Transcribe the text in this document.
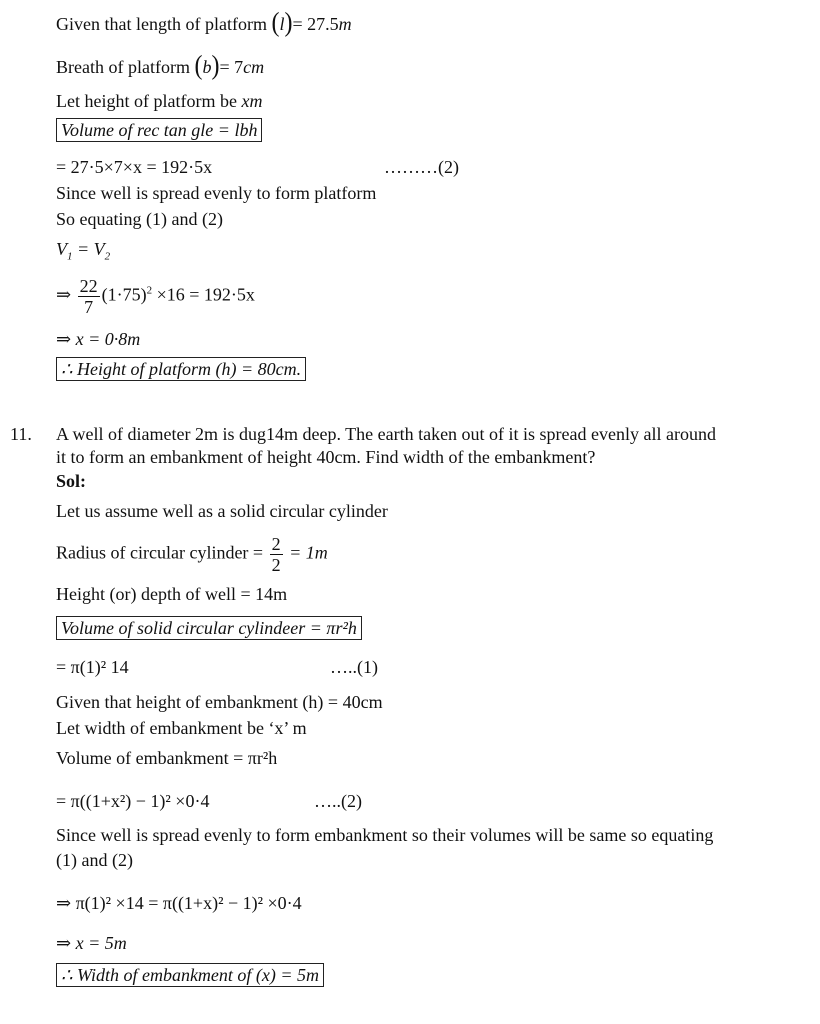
Given that length of platform (l)= 27.5m
Breath of platform (b)= 7cm
Let height of platform be xm
Volume of rec tan gle = lbh
= 27·5×7×x = 192·5x	………(2)
Since well is spread evenly to form platform
So equating (1) and (2)
$V_1 = V_2$
⇒ $\frac{22}{7} (1\cdot 75)^2 \times 16 = 192\cdot 5x$
⇒ x = 0·8m
∴ Height of platform (h) = 80cm.
11. A well of diameter 2m is dug14m deep. The earth taken out of it is spread evenly all around
it to form an embankment of height 40cm. Find width of the embankment?
Sol:
Let us assume well as a solid circular cylinder
Radius of circular cylinder = $\frac{2}{2} = 1m$
Height (or) depth of well = 14m
Volume of solid circular cylindeer = πr²h
= π(1)² 14	…..(1)
Given that height of embankment (h) = 40cm
Let width of embankment be ‘x’ m
Volume of embankment = πr²h
= π((1+x²) − 1)² ×0·4	…..(2)
Since well is spread evenly to form embankment so their volumes will be same so equating
(1) and (2)
⇒ π(1)² ×14 = π((1+x)² − 1)² ×0·4
⇒ x = 5m
∴ Width of embankment of (x) = 5m
